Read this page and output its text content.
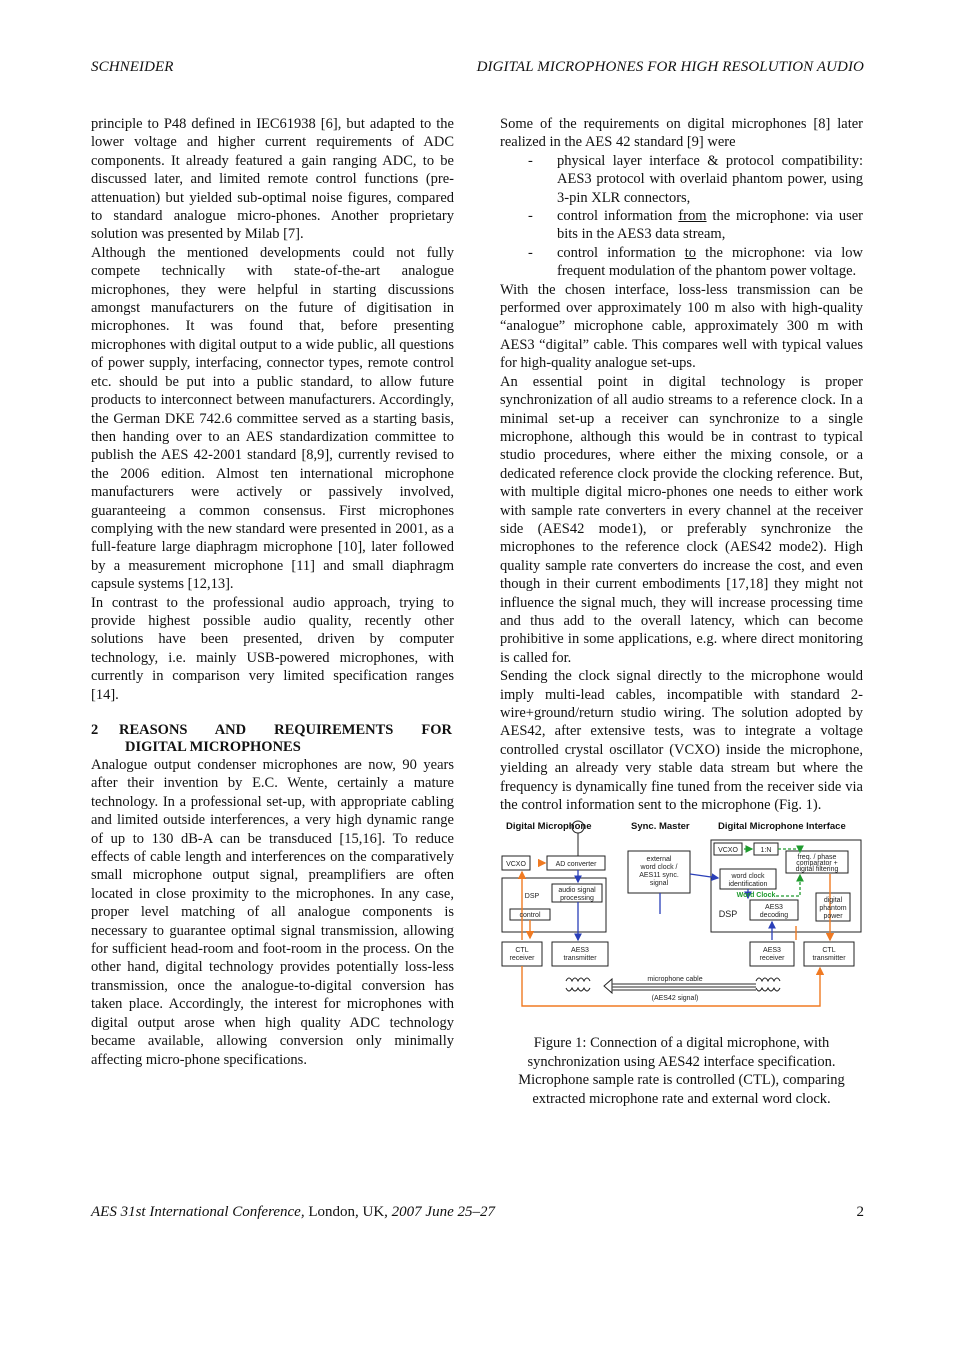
SCHNEIDER	DIGITAL MICROPHONES FOR HIGH RESOLUTION AUDIO

principle to P48 defined in IEC61938 [6], but adapted to the lower voltage and higher current requirements of ADC components. It already featured a gain ranging ADC, to be discussed later, and limited remote control functions (pre-attenuation) but yielded sub-optimal noise figures, compared to standard analogue micro-phones. Another proprietary solution was presented by Milab [7].

Although the mentioned developments could not fully compete technically with state-of-the-art analogue microphones, they were helpful in starting discussions amongst manufacturers on the future of digitisation in microphones. It was found that, before presenting microphones with digital output to a wide public, all questions of power supply, interfacing, connector types, remote control etc. should be put into a public standard, to allow future products to interconnect between manufacturers. Accordingly, the German DKE 742.6 committee served as a starting basis, then handing over to an AES standardization committee to publish the AES 42-2001 standard [8,9], currently revised to the 2006 edition. Almost ten international microphone manufacturers were actively or passively involved, guaranteeing a common consensus. First microphones complying with the new standard were presented in 2001, as a full-feature large diaphragm microphone [10], later followed by a measurement microphone [11] and small diaphragm capsule systems [12,13].

In contrast to the professional audio approach, trying to provide highest possible audio quality, recently other solutions have been presented, driven by computer technology, i.e. mainly USB-powered microphones, with currently in comparison very limited specification ranges [14].

2 REASONS AND REQUIREMENTS FOR
DIGITAL MICROPHONES

Analogue output condenser microphones are now, 90 years after their invention by E.C. Wente, certainly a mature technology. In a professional set-up, with appropriate cabling and limited outside interferences, a very high dynamic range of up to 130 dB-A can be transduced [15,16]. To reduce effects of cable length and interferences on the comparatively small microphone output signal, preamplifiers are often located in close proximity to the microphones. In any case, proper level matching of all analogue components is necessary to guarantee optimal signal transmission, allowing for sufficient head-room and foot-room in the process. On the other hand, digital technology provides potentially loss-less transmission, once the analogue-to-digital conversion has taken place. Accordingly, the interest for microphones with digital output arose when high quality ADC technology became available, allowing conversion only minimally affecting micro-phone specifications.

Some of the requirements on digital microphones [8] later realized in the AES 42 standard [9] were

- physical layer interface & protocol compatibility: AES3 protocol with overlaid phantom power, using 3-pin XLR connectors,
- control information from the microphone: via user bits in the AES3 data stream,
- control information to the microphone: via low frequent modulation of the phantom power voltage.

With the chosen interface, loss-less transmission can be performed over approximately 100 m also with high-quality “analogue” microphone cable, approximately 300 m with AES3 “digital” cable. This compares well with typical values for high-quality analogue set-ups.

An essential point in digital technology is proper synchronization of all audio streams to a reference clock. In a minimal set-up a receiver can synchronize to a single microphone, although this would be in contrast to typical studio procedures, where either the mixing console, or a dedicated reference clock provide the clocking reference. But, with multiple digital micro-phones one needs to either work with sample rate converters in every channel at the receiver side (AES42 mode1), or preferably synchronize the microphones to the reference clock (AES42 mode2). High quality sample rate converters do increase the cost, and even though in their current embodiments [17,18] they might not influence the signal much, they will increase processing time and thus add to the overall latency, which can become prohibitive in some applications, e.g. where direct monitoring is called for.

Sending the clock signal directly to the microphone would imply multi-lead cables, incompatible with standard 2-wire+ground/return studio wiring. The solution adopted by AES42, after extensive tests, was to integrate a voltage controlled crystal oscillator (VCXO) inside the microphone, yielding an already very stable data stream but where the frequency is dynamically fine tuned from the receiver side via the control information sent to the microphone (Fig. 1).

Digital Microphone	Sync. Master	Digital Microphone Interface
VCXO	AD converter
DSP
audio signal
processing
control
external
word clock /
AES11 sync.
signal
VCXO	1:N
freq. / phase
comparator +
digital filtering
word clock
identification
Word Clock
AES3
decoding
DSP
digital
phantom
power
CTL
receiver
AES3
transmitter
AES3
receiver
CTL
transmitter
microphone cable
(AES42 signal)

Figure 1: Connection of a digital microphone, with synchronization using AES42 interface specification. Microphone sample rate is controlled (CTL), comparing extracted microphone rate and external word clock.

AES 31st International Conference, London, UK, 2007 June 25–27	2
